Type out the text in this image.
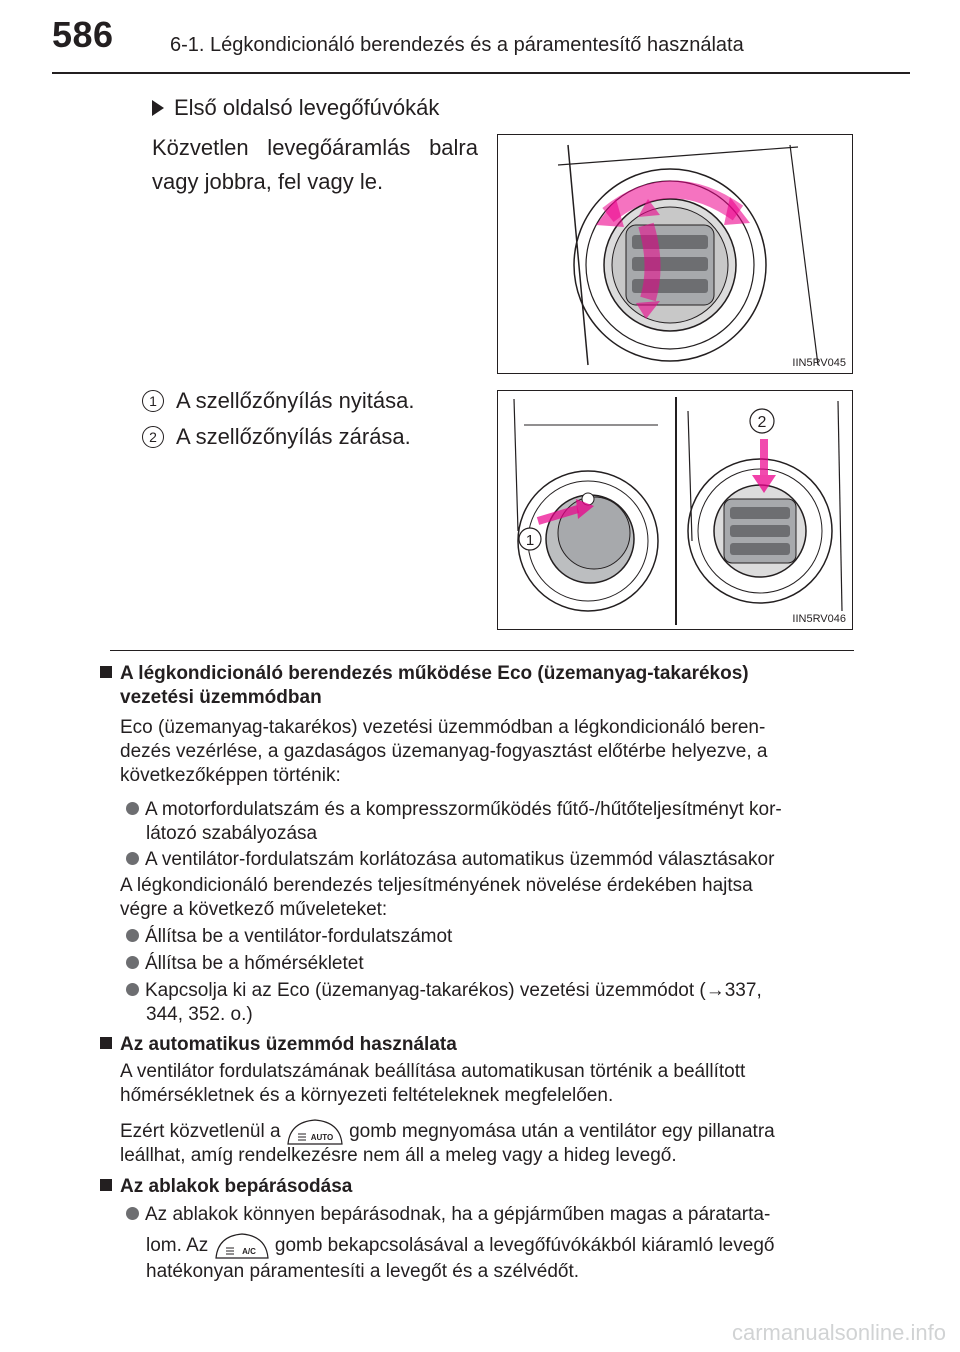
586	6-1. Légkondicionáló berendezés és a páramentesítő használata
Első oldalsó levegőfúvókák
Közvetlen levegőáramlás balra vagy jobbra, fel vagy le.
IIN5RV045
1 A szellőzőnyílás nyitása.
2 A szellőzőnyílás zárása.
1
2
IIN5RV046
A légkondicionáló berendezés működése Eco (üzemanyag-takarékos)
vezetési üzemmódban
Eco (üzemanyag-takarékos) vezetési üzemmódban a légkondicionáló beren-
dezés vezérlése, a gazdaságos üzemanyag-fogyasztást előtérbe helyezve, a
következőképpen történik:
A motorfordulatszám és a kompresszorműködés fűtő-/hűtőteljesítményt kor-
látozó szabályozása
A ventilátor-fordulatszám korlátozása automatikus üzemmód választásakor
A légkondicionáló berendezés teljesítményének növelése érdekében hajtsa
végre a következő műveleteket:
Állítsa be a ventilátor-fordulatszámot
Állítsa be a hőmérsékletet
Kapcsolja ki az Eco (üzemanyag-takarékos) vezetési üzemmódot (→337,
344, 352. o.)
Az automatikus üzemmód használata
A ventilátor fordulatszámának beállítása automatikusan történik a beállított
hőmérsékletnek és a környezeti feltételeknek megfelelően.
Ezért közvetlenül a	AUTO gomb megnyomása után a ventilátor egy pillanatra
leállhat, amíg rendelkezésre nem áll a meleg vagy a hideg levegő.
Az ablakok bepárásodása
Az ablakok könnyen bepárásodnak, ha a gépjárműben magas a páratarta-
lom. Az	A/C gomb bekapcsolásával a levegőfúvókákból kiáramló levegő
hatékonyan páramentesíti a levegőt és a szélvédőt.
carmanualsonline.info
